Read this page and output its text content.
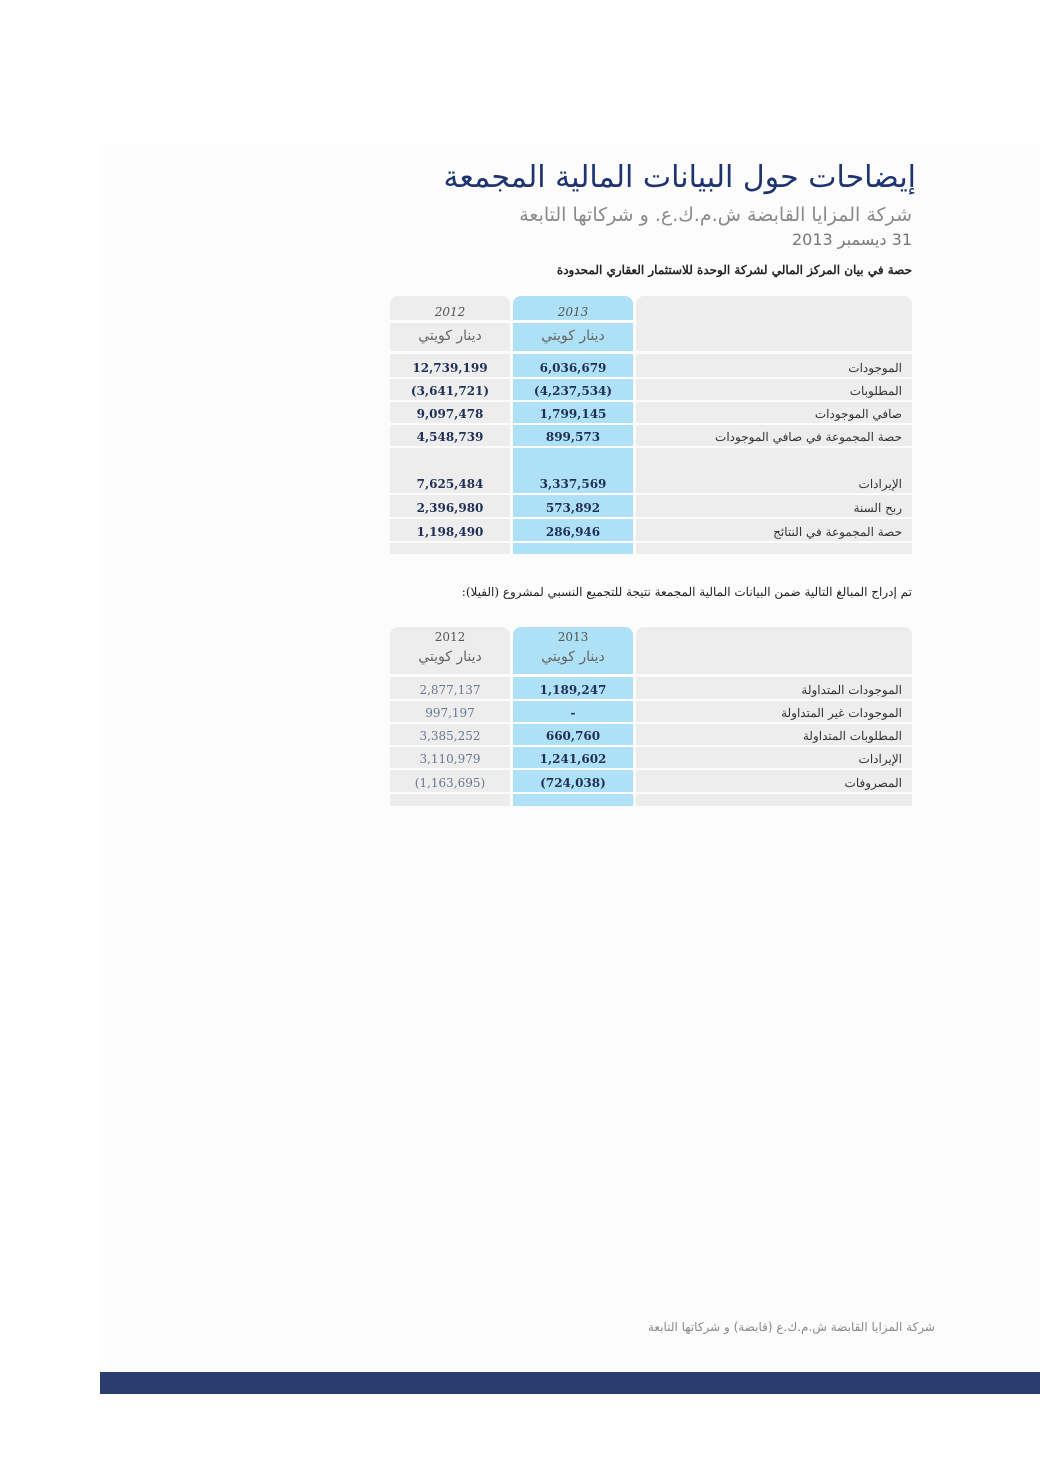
إيضاحات حول البيانات المالية المجمعة
شركة المزايا القابضة ش.م.ك.ع. و شركاتها التابعة
31 ديسمبر 2013
حصة في بيان المركز المالي لشركة الوحدة للاستثمار العقاري المحدودة
2012
دينار كويتي
2013
دينار كويتي
12,739,199	6,036,679	الموجودات
(3,641,721)	(4,237,534)	المطلوبات
9,097,478	1,799,145	صافي الموجودات
4,548,739	899,573	حصة المجموعة في صافي الموجودات
7,625,484	3,337,569	الإيرادات
2,396,980	573,892	ربح السنة
1,198,490	286,946	حصة المجموعة في النتائج
تم إدراج المبالغ التالية ضمن البيانات المالية المجمعة نتيجة للتجميع النسبي لمشروع (الفيلا):
2012
دينار كويتي
2013
دينار كويتي
2,877,137	1,189,247	الموجودات المتداولة
997,197	-	الموجودات غير المتداولة
3,385,252	660,760	المطلوبات المتداولة
3,110,979	1,241,602	الإيرادات
(1,163,695)	(724,038)	المصروفات
شركة المزايا القابضة ش.م.ك.ع (قابضة) و شركاتها التابعة
